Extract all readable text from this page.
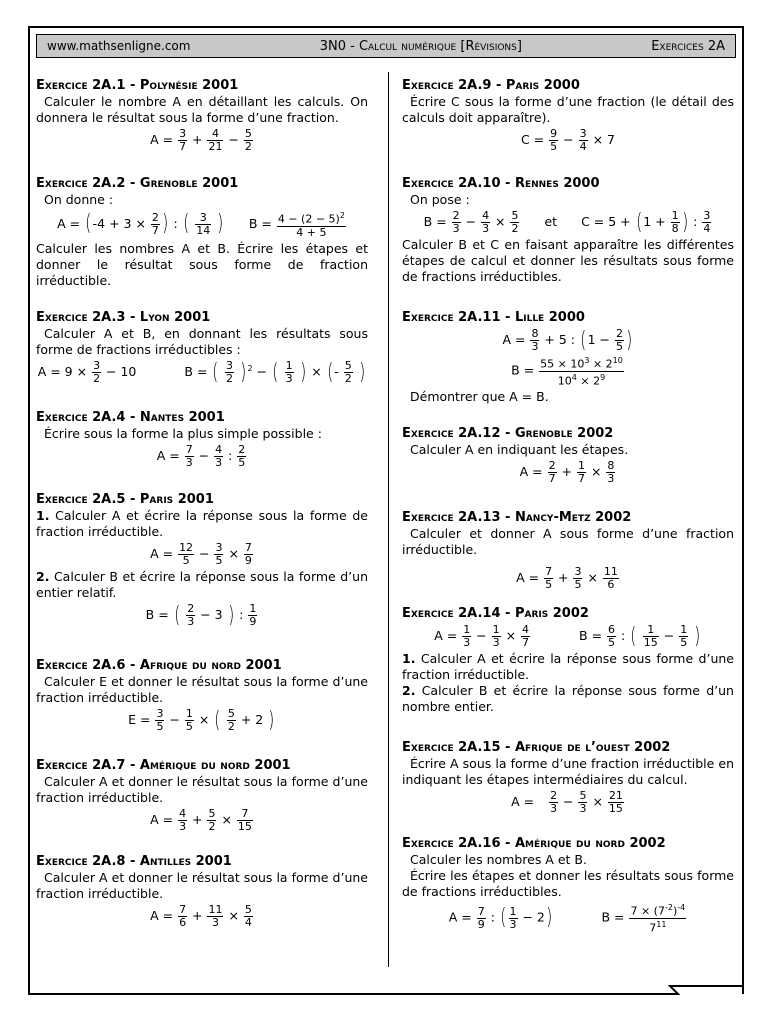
www.mathsenligne.com	3N0 - Calcul numérique [Révisions]	Exercices 2A
Exercice 2A.1 - Polynésie 2001
Calculer le nombre A en détaillant les calculs. On donnera le résultat sous la forme d’une fraction.
$A = \frac{3}{7} + \frac{4}{21} - \frac{5}{2}$
Exercice 2A.2 - Grenoble 2001
On donne :
$A = (-4 + 3 \times \frac{2}{7}$ ) : ( $\frac{3}{14}$ ) $B = \frac{4 - (2 - 5)^2}{4 + 5}$
Calculer les nombres A et B. Écrire les étapes et donner le résultat sous forme de fraction irréductible.
Exercice 2A.3 - Lyon 2001
Calculer A et B, en donnant les résultats sous forme de fractions irréductibles :
$A = 9 \times \frac{3}{2} - 10$	B = ( $\frac{3}{2} )^2$ − ( $\frac{1}{3}$ ) × (- $\frac{5}{2}$ )
Exercice 2A.4 - Nantes 2001
Écrire sous la forme la plus simple possible :
$A = \frac{7}{3} - \frac{4}{3}$ : $\frac{2}{5}$
Exercice 2A.5 - Paris 2001
1. Calculer A et écrire la réponse sous la forme de fraction irréductible.
$A = \frac{12}{5} - \frac{3}{5} \times \frac{7}{9}$
2. Calculer B et écrire la réponse sous la forme d’un entier relatif.
B = ( $\frac{2}{3} - 3$ ) : $\frac{1}{9}$
Exercice 2A.6 - Afrique du nord 2001
Calculer E et donner le résultat sous la forme d’une fraction irréductible.
$E = \frac{3}{5} - \frac{1}{5}$ × ( $\frac{5}{2} + 2$ )
Exercice 2A.7 - Amérique du nord 2001
Calculer A et donner le résultat sous la forme d’une fraction irréductible.
$A = \frac{4}{3} + \frac{5}{2} \times \frac{7}{15}$
Exercice 2A.8 - Antilles 2001
Calculer A et donner le résultat sous la forme d’une fraction irréductible.
$A = \frac{7}{6} + \frac{11}{3} \times \frac{5}{4}$
Exercice 2A.9 - Paris 2000
Écrire C sous la forme d’une fraction (le détail des calculs doit apparaître).
$C = \frac{9}{5} - \frac{3}{4} \times 7$
Exercice 2A.10 - Rennes 2000
On pose :
$B = \frac{2}{3} - \frac{4}{3} \times \frac{5}{2}$ et $C = 5 + (1 + \frac{1}{8}$ ) : $\frac{3}{4}$
Calculer B et C en faisant apparaître les différentes étapes de calcul et donner les résultats sous forme de fractions irréductibles.
Exercice 2A.11 - Lille 2000
$A = \frac{8}{3} + 5$ : ($1 - \frac{2}{5}$ )
$B = \frac{55 \times 10^3 \times 2^{10}}{10^4 \times 2^9}$
Démontrer que A = B.
Exercice 2A.12 - Grenoble 2002
Calculer A en indiquant les étapes.
$A = \frac{2}{7} + \frac{1}{7} \times \frac{8}{3}$
Exercice 2A.13 - Nancy-Metz 2002
Calculer et donner A sous forme d’une fraction irréductible.
$A = \frac{7}{5} + \frac{3}{5} \times \frac{11}{6}$
Exercice 2A.14 - Paris 2002
$A = \frac{1}{3} - \frac{1}{3} \times \frac{4}{7}$	$B = \frac{6}{5}$ : ( $\frac{1}{15} - \frac{1}{5}$ )
1. Calculer A et écrire la réponse sous forme d’une fraction irréductible.
2. Calculer B et écrire la réponse sous forme d’un nombre entier.
Exercice 2A.15 - Afrique de l’ouest 2002
Écrire A sous la forme d’une fraction irréductible en indiquant les étapes intermédiaires du calcul.
$A = \frac{2}{3} - \frac{5}{3} \times \frac{21}{15}$
Exercice 2A.16 - Amérique du nord 2002
Calculer les nombres A et B.
Écrire les étapes et donner les résultats sous forme de fractions irréductibles.
$A = \frac{7}{9}$ : ( $\frac{1}{3} - 2$)	$B = \frac{7 \times (7^{-2})^{-4}}{7^{11}}$
